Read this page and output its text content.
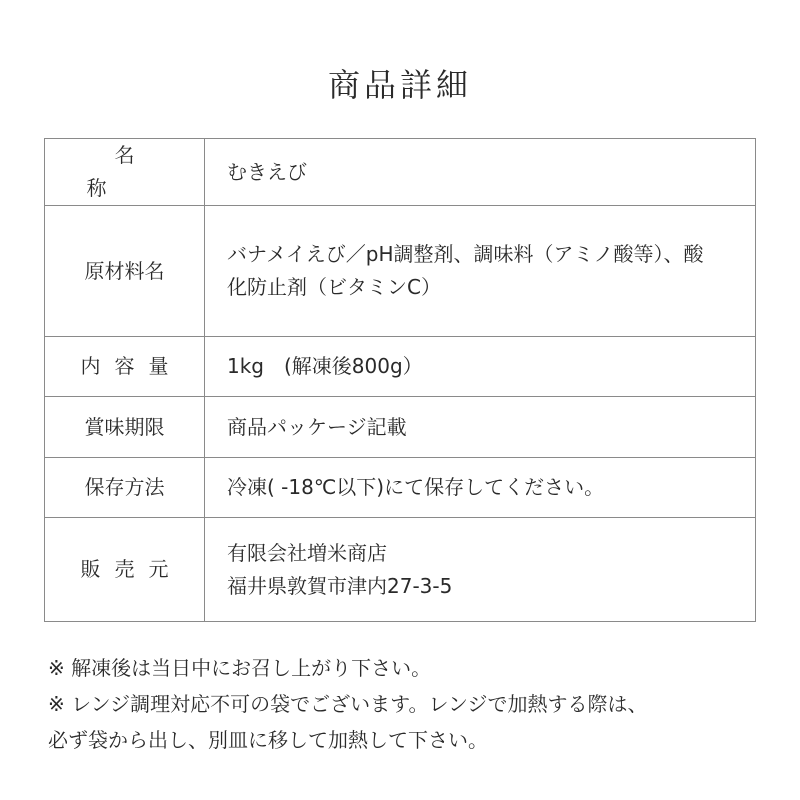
商品詳細
名称	むきえび
原材料名	バナメイえび／pH調整剤、調味料（アミノ酸等）、酸
化防止剤（ビタミンC）

内容量	1kg　(解凍後800g）
賞味期限	商品パッケージ記載
保存方法	冷凍( -18℃以下)にて保存してください。
販売元	有限会社増米商店
福井県敦賀市津内27-3-5

※ 解凍後は当日中にお召し上がり下さい。

※ レンジ調理対応不可の袋でございます。レンジで加熱する際は、

必ず袋から出し、別皿に移して加熱して下さい。
